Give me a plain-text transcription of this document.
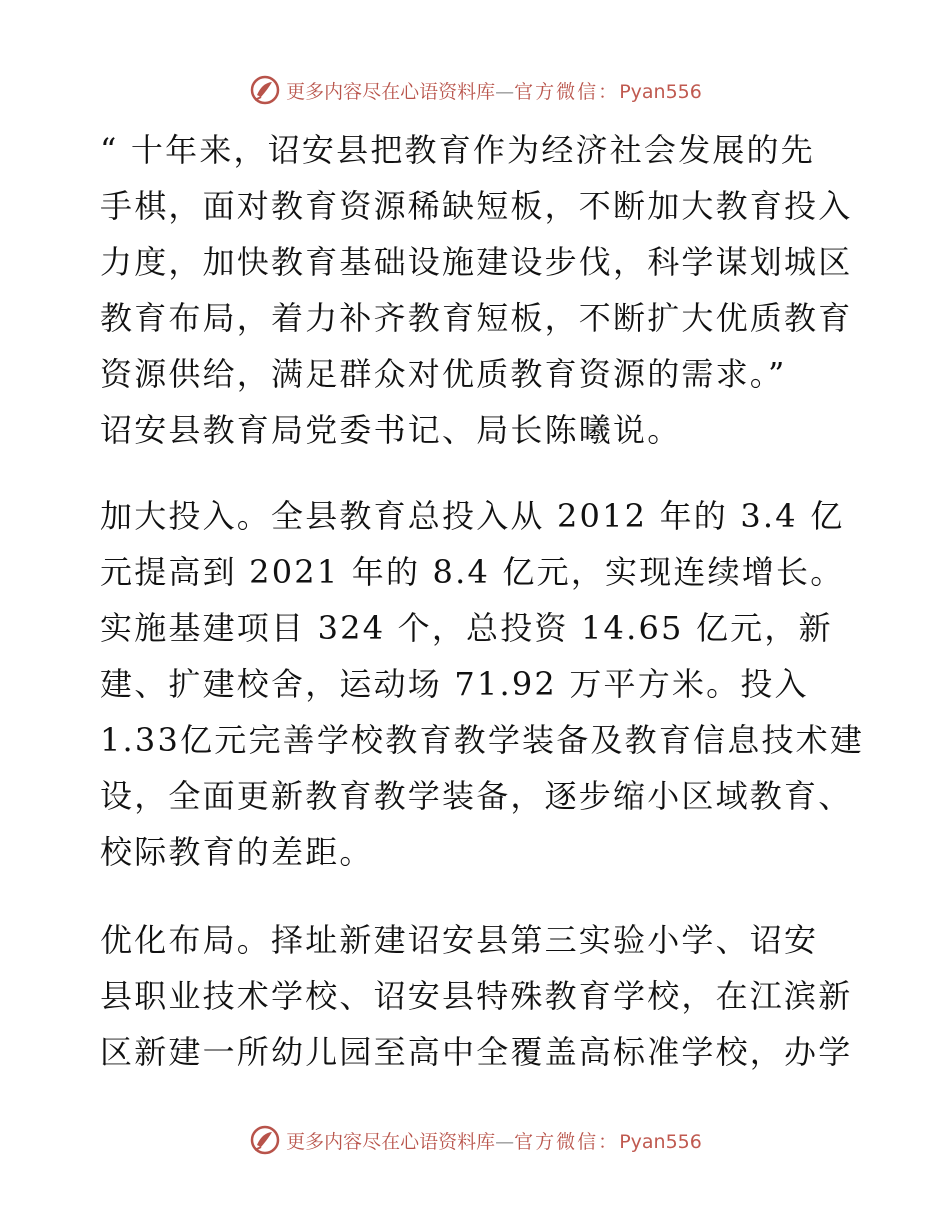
更多内容尽在心语资料库—官方微信：Pyan556
“ 十年来，诏安县把教育作为经济社会发展的先
手棋，面对教育资源稀缺短板，不断加大教育投入
力度，加快教育基础设施建设步伐，科学谋划城区
教育布局，着力补齐教育短板，不断扩大优质教育
资源供给，满足群众对优质教育资源的需求。”
诏安县教育局党委书记、局长陈曦说。
加大投入。全县教育总投入从 2012 年的 3.4 亿
元提高到 2021 年的 8.4 亿元，实现连续增长。
实施基建项目 324 个，总投资 14.65 亿元，新
建、扩建校舍，运动场 71.92 万平方米。投入
1.33亿元完善学校教育教学装备及教育信息技术建
设，全面更新教育教学装备，逐步缩小区域教育、
校际教育的差距。
优化布局。择址新建诏安县第三实验小学、诏安
县职业技术学校、诏安县特殊教育学校，在江滨新
区新建一所幼儿园至高中全覆盖高标准学校，办学
更多内容尽在心语资料库—官方微信：Pyan556
